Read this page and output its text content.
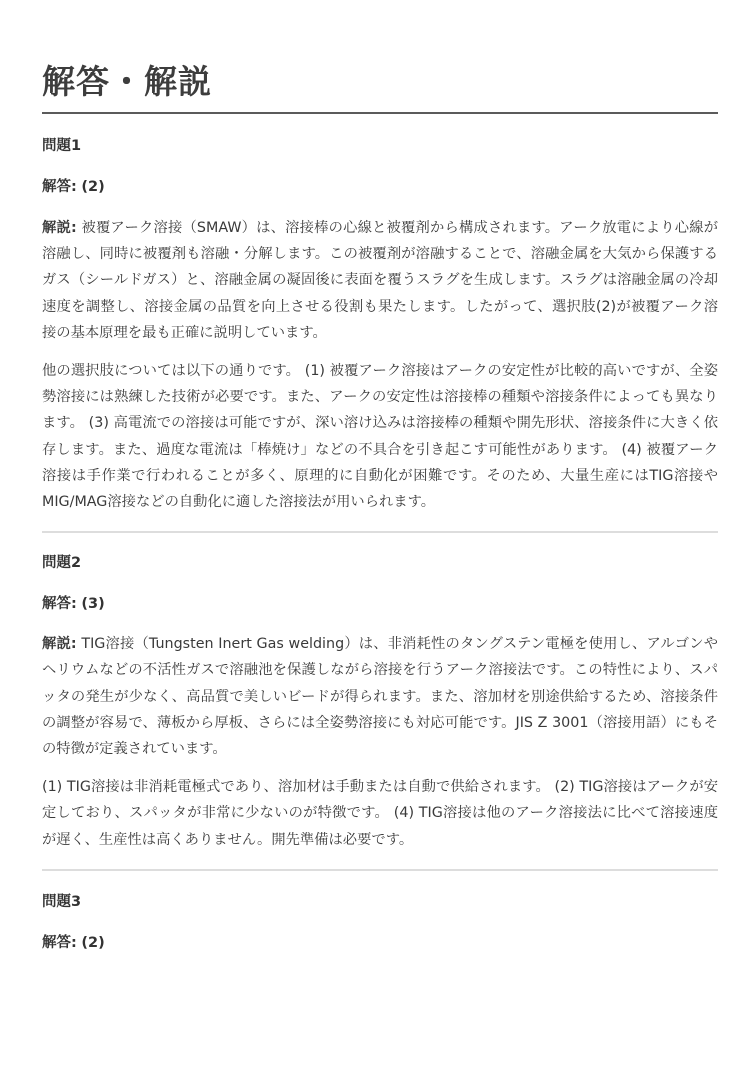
解答・解説
問題1
解答: (2)

解説: 被覆アーク溶接（SMAW）は、溶接棒の心線と被覆剤から構成されます。アーク放電により心線が溶融し、同時に被覆剤も溶融・分解します。この被覆剤が溶融することで、溶融金属を大気から保護するガス（シールドガス）と、溶融金属の凝固後に表面を覆うスラグを生成します。スラグは溶融金属の冷却速度を調整し、溶接金属の品質を向上させる役割も果たします。したがって、選択肢(2)が被覆アーク溶接の基本原理を最も正確に説明しています。

他の選択肢については以下の通りです。 (1) 被覆アーク溶接はアークの安定性が比較的高いですが、全姿勢溶接には熟練した技術が必要です。また、アークの安定性は溶接棒の種類や溶接条件によっても異なります。 (3) 高電流での溶接は可能ですが、深い溶け込みは溶接棒の種類や開先形状、溶接条件に大きく依存します。また、過度な電流は「棒焼け」などの不具合を引き起こす可能性があります。 (4) 被覆アーク溶接は手作業で行われることが多く、原理的に自動化が困難です。そのため、大量生産にはTIG溶接やMIG/MAG溶接などの自動化に適した溶接法が用いられます。

問題2
解答: (3)

解説: TIG溶接（Tungsten Inert Gas welding）は、非消耗性のタングステン電極を使用し、アルゴンやヘリウムなどの不活性ガスで溶融池を保護しながら溶接を行うアーク溶接法です。この特性により、スパッタの発生が少なく、高品質で美しいビードが得られます。また、溶加材を別途供給するため、溶接条件の調整が容易で、薄板から厚板、さらには全姿勢溶接にも対応可能です。JIS Z 3001（溶接用語）にもその特徴が定義されています。

(1) TIG溶接は非消耗電極式であり、溶加材は手動または自動で供給されます。 (2) TIG溶接はアークが安定しており、スパッタが非常に少ないのが特徴です。 (4) TIG溶接は他のアーク溶接法に比べて溶接速度が遅く、生産性は高くありません。開先準備は必要です。

問題3
解答: (2)
